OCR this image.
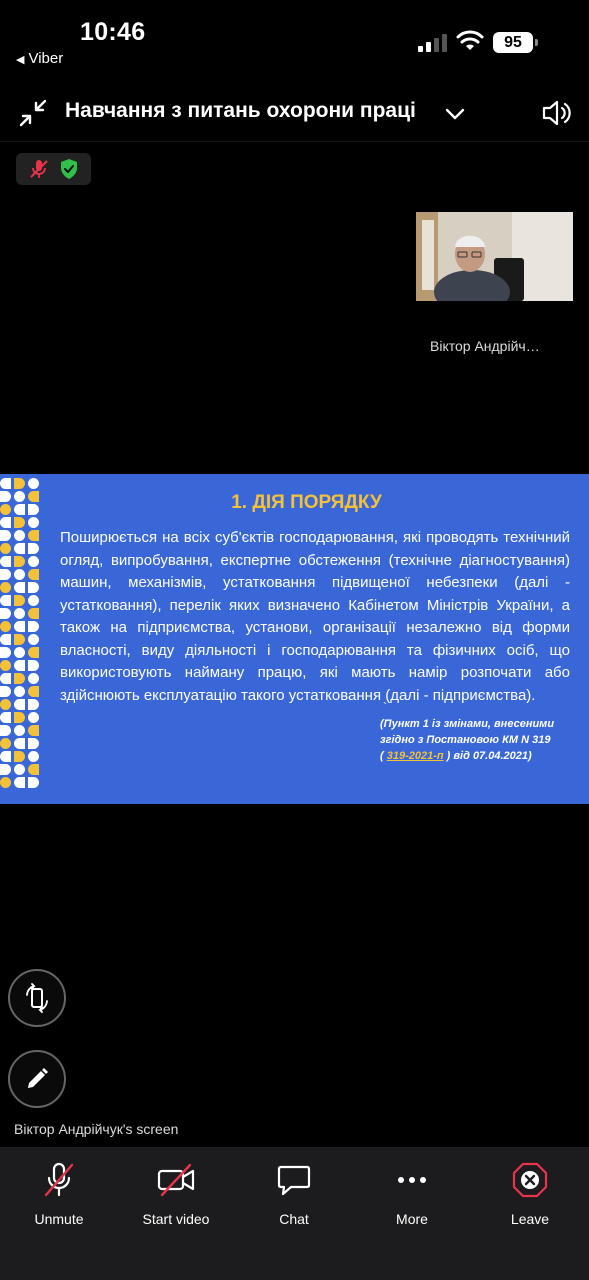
10:46
◀ Viber
95
Навчання з питань охорони праці
Віктор Андрійч…
1. ДІЯ ПОРЯДКУ
Поширюється на всіх суб'єктів господарювання, які проводять технічний огляд, випробування, експертне обстеження (технічне діагностування) машин, механізмів, устатковання підвищеної небезпеки (далі - устатковання), перелік яких визначено Кабінетом Міністрів України, а також на підприємства, установи, організації незалежно від форми власності, виду діяльності і господарювання та фізичних осіб, що використовують найману працю, які мають намір розпочати або здійснюють експлуатацію такого устатковання (далі - підприємства).
`
(Пункт 1 із змінами, внесеними згідно з Постановою КМ N 319
( 319-2021-п ) від 07.04.2021)
Віктор Андрійчук's screen
Unmute	Start video	Chat	More	Leave
